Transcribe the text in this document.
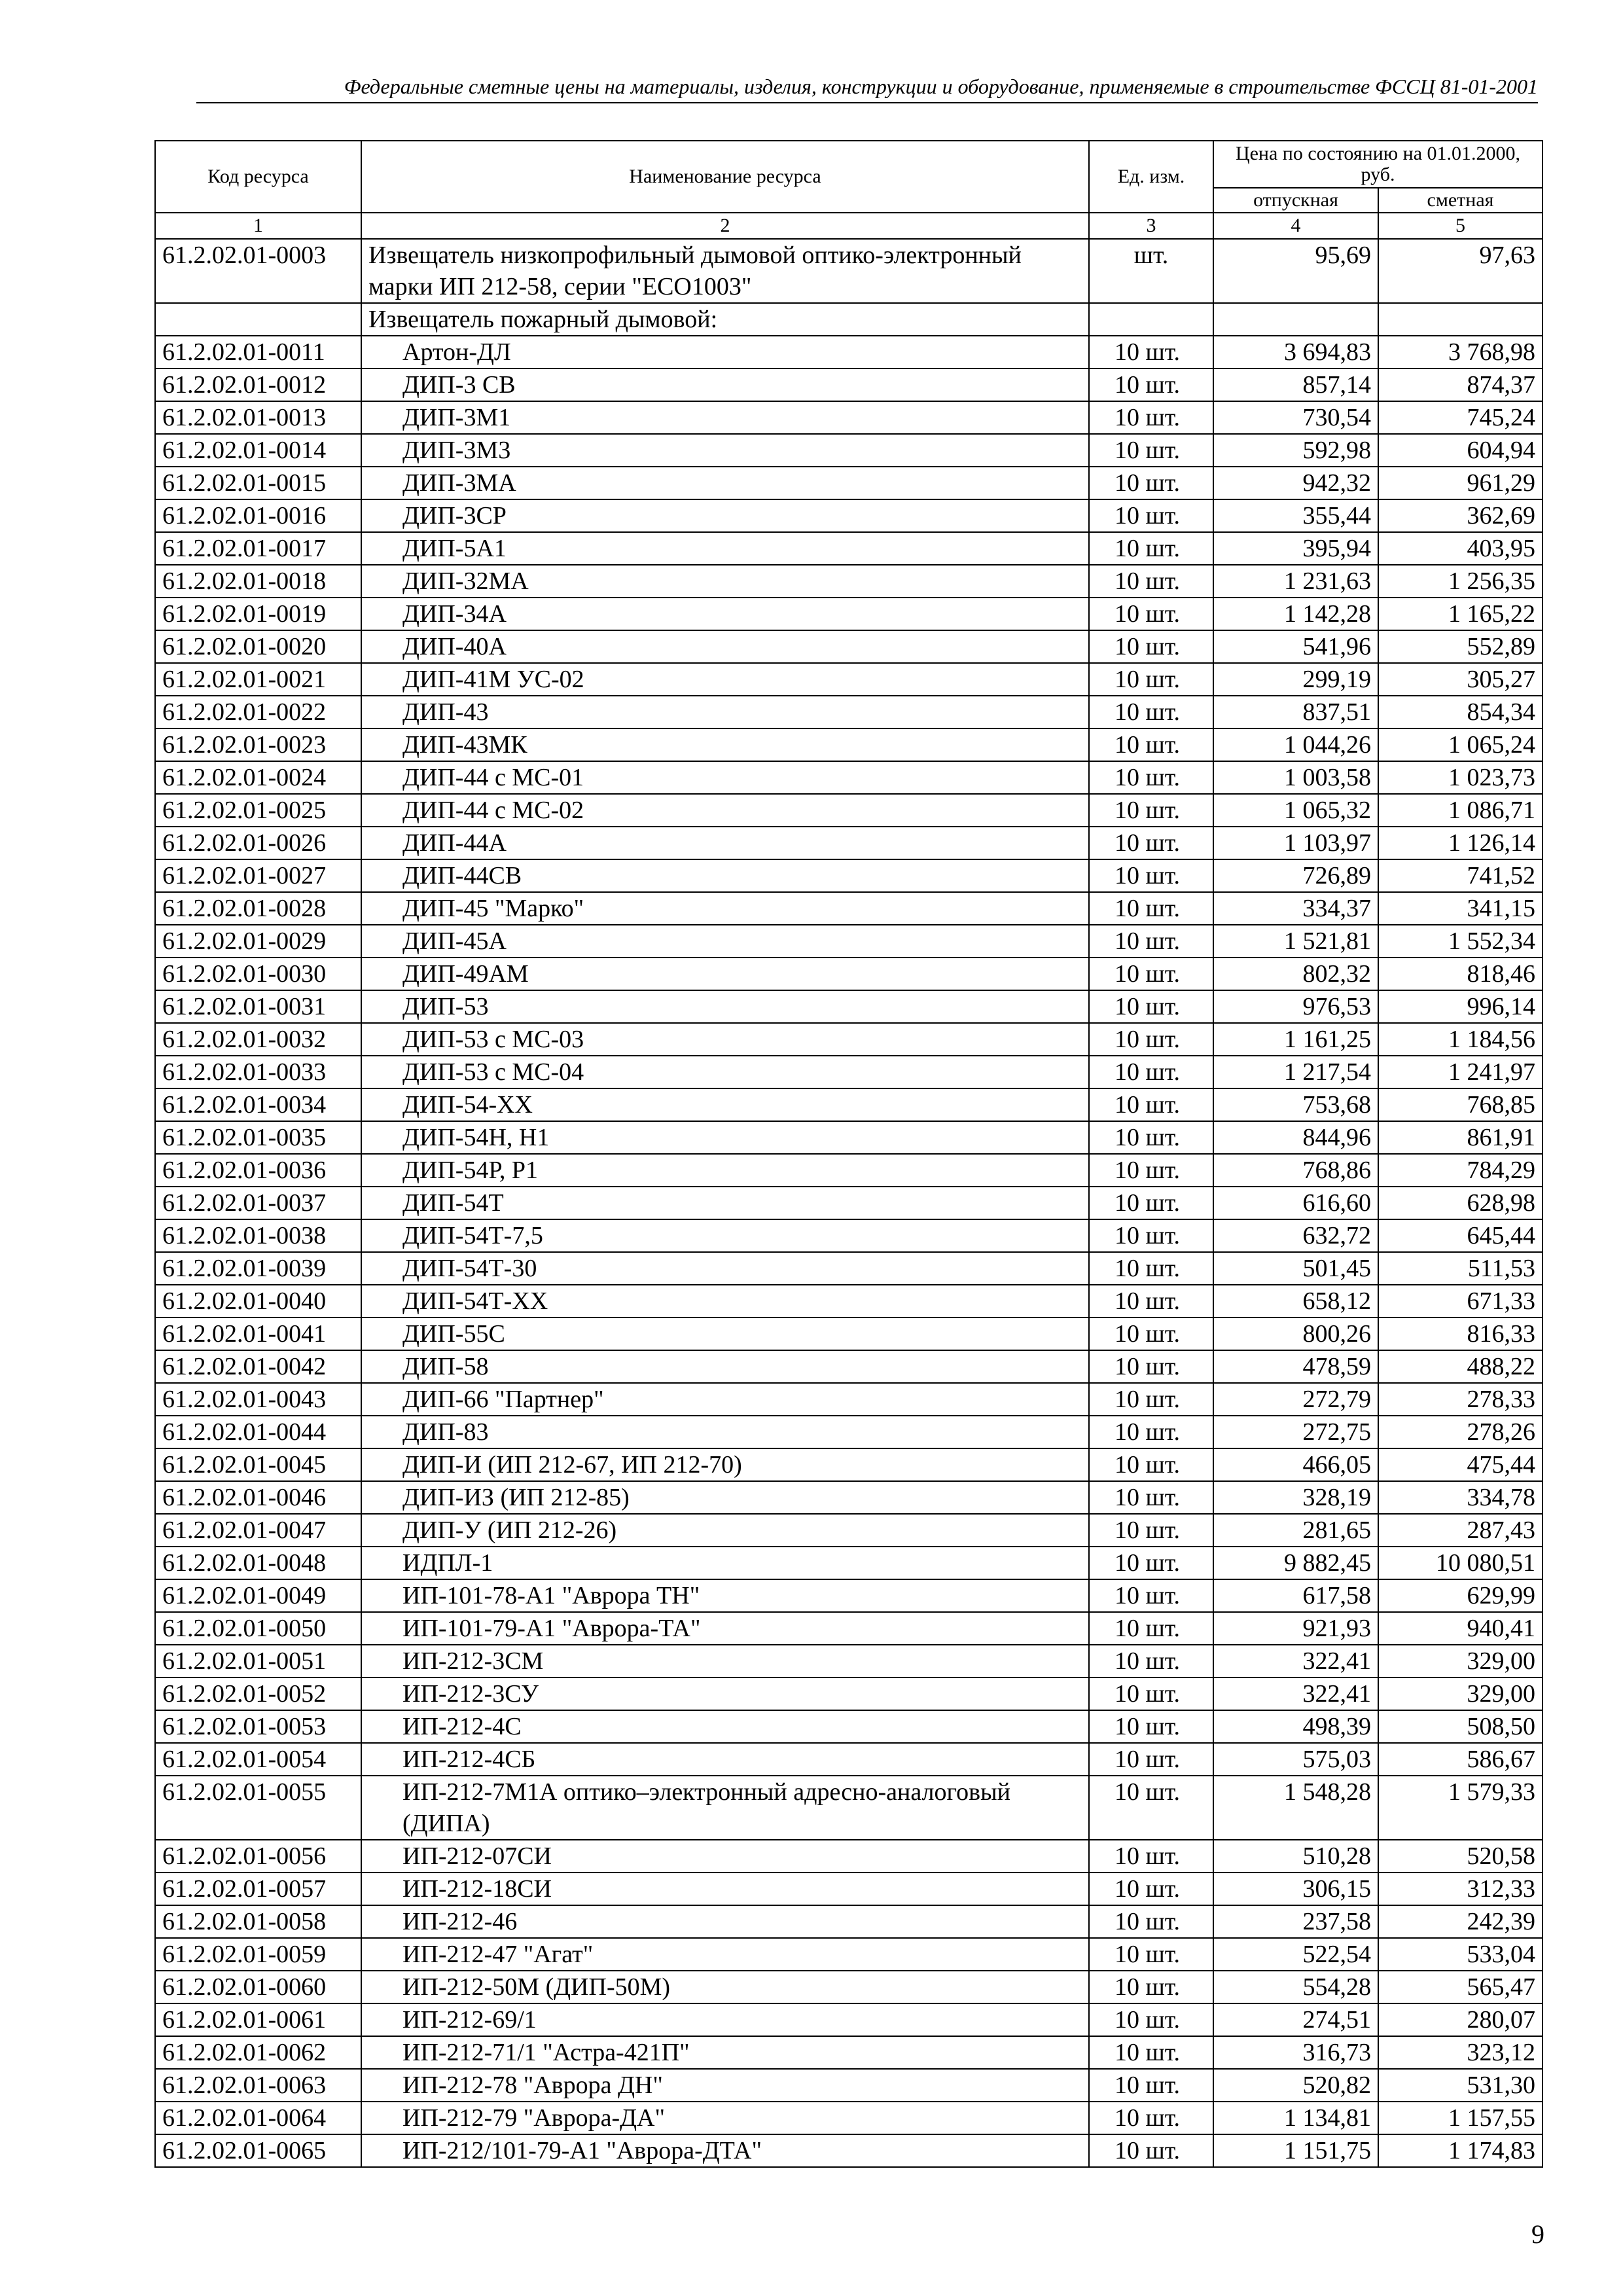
Федеральные сметные цены на материалы, изделия, конструкции и оборудование, применяемые в строительстве ФССЦ 81-01-2001
Код ресурса	Наименование ресурса	Ед. изм.	Цена по состоянию на 01.01.2000, руб.	
			отпускная	сметная
1	2	3	4	5
61.2.02.01-0003	Извещатель низкопрофильный дымовой оптико-электронный марки ИП 212-58, серии "ECO1003"	шт.	95,69	97,63
	Извещатель пожарный дымовой:			
61.2.02.01-0011	Артон-ДЛ	10 шт.	3 694,83	3 768,98
61.2.02.01-0012	ДИП-3 СВ	10 шт.	857,14	874,37
61.2.02.01-0013	ДИП-3М1	10 шт.	730,54	745,24
61.2.02.01-0014	ДИП-3М3	10 шт.	592,98	604,94
61.2.02.01-0015	ДИП-3МА	10 шт.	942,32	961,29
61.2.02.01-0016	ДИП-3СР	10 шт.	355,44	362,69
61.2.02.01-0017	ДИП-5А1	10 шт.	395,94	403,95
61.2.02.01-0018	ДИП-32МА	10 шт.	1 231,63	1 256,35
61.2.02.01-0019	ДИП-34А	10 шт.	1 142,28	1 165,22
61.2.02.01-0020	ДИП-40А	10 шт.	541,96	552,89
61.2.02.01-0021	ДИП-41М УС-02	10 шт.	299,19	305,27
61.2.02.01-0022	ДИП-43	10 шт.	837,51	854,34
61.2.02.01-0023	ДИП-43МК	10 шт.	1 044,26	1 065,24
61.2.02.01-0024	ДИП-44 с МС-01	10 шт.	1 003,58	1 023,73
61.2.02.01-0025	ДИП-44 с МС-02	10 шт.	1 065,32	1 086,71
61.2.02.01-0026	ДИП-44А	10 шт.	1 103,97	1 126,14
61.2.02.01-0027	ДИП-44СВ	10 шт.	726,89	741,52
61.2.02.01-0028	ДИП-45 "Марко"	10 шт.	334,37	341,15
61.2.02.01-0029	ДИП-45А	10 шт.	1 521,81	1 552,34
61.2.02.01-0030	ДИП-49АМ	10 шт.	802,32	818,46
61.2.02.01-0031	ДИП-53	10 шт.	976,53	996,14
61.2.02.01-0032	ДИП-53 с МС-03	10 шт.	1 161,25	1 184,56
61.2.02.01-0033	ДИП-53 с МС-04	10 шт.	1 217,54	1 241,97
61.2.02.01-0034	ДИП-54-ХХ	10 шт.	753,68	768,85
61.2.02.01-0035	ДИП-54Н, Н1	10 шт.	844,96	861,91
61.2.02.01-0036	ДИП-54Р, Р1	10 шт.	768,86	784,29
61.2.02.01-0037	ДИП-54Т	10 шт.	616,60	628,98
61.2.02.01-0038	ДИП-54Т-7,5	10 шт.	632,72	645,44
61.2.02.01-0039	ДИП-54Т-30	10 шт.	501,45	511,53
61.2.02.01-0040	ДИП-54Т-ХХ	10 шт.	658,12	671,33
61.2.02.01-0041	ДИП-55С	10 шт.	800,26	816,33
61.2.02.01-0042	ДИП-58	10 шт.	478,59	488,22
61.2.02.01-0043	ДИП-66 "Партнер"	10 шт.	272,79	278,33
61.2.02.01-0044	ДИП-83	10 шт.	272,75	278,26
61.2.02.01-0045	ДИП-И (ИП 212-67, ИП 212-70)	10 шт.	466,05	475,44
61.2.02.01-0046	ДИП-ИЗ (ИП 212-85)	10 шт.	328,19	334,78
61.2.02.01-0047	ДИП-У (ИП 212-26)	10 шт.	281,65	287,43
61.2.02.01-0048	ИДПЛ-1	10 шт.	9 882,45	10 080,51
61.2.02.01-0049	ИП-101-78-А1 "Аврора ТН"	10 шт.	617,58	629,99
61.2.02.01-0050	ИП-101-79-А1 "Аврора-ТА"	10 шт.	921,93	940,41
61.2.02.01-0051	ИП-212-3СМ	10 шт.	322,41	329,00
61.2.02.01-0052	ИП-212-3СУ	10 шт.	322,41	329,00
61.2.02.01-0053	ИП-212-4С	10 шт.	498,39	508,50
61.2.02.01-0054	ИП-212-4СБ	10 шт.	575,03	586,67
61.2.02.01-0055	ИП-212-7М1А оптико–электронный адресно-аналоговый (ДИПА)	10 шт.	1 548,28	1 579,33
61.2.02.01-0056	ИП-212-07СИ	10 шт.	510,28	520,58
61.2.02.01-0057	ИП-212-18СИ	10 шт.	306,15	312,33
61.2.02.01-0058	ИП-212-46	10 шт.	237,58	242,39
61.2.02.01-0059	ИП-212-47 "Агат"	10 шт.	522,54	533,04
61.2.02.01-0060	ИП-212-50М (ДИП-50М)	10 шт.	554,28	565,47
61.2.02.01-0061	ИП-212-69/1	10 шт.	274,51	280,07
61.2.02.01-0062	ИП-212-71/1 "Астра-421П"	10 шт.	316,73	323,12
61.2.02.01-0063	ИП-212-78 "Аврора ДН"	10 шт.	520,82	531,30
61.2.02.01-0064	ИП-212-79 "Аврора-ДА"	10 шт.	1 134,81	1 157,55
61.2.02.01-0065	ИП-212/101-79-А1 "Аврора-ДТА"	10 шт.	1 151,75	1 174,83
9
